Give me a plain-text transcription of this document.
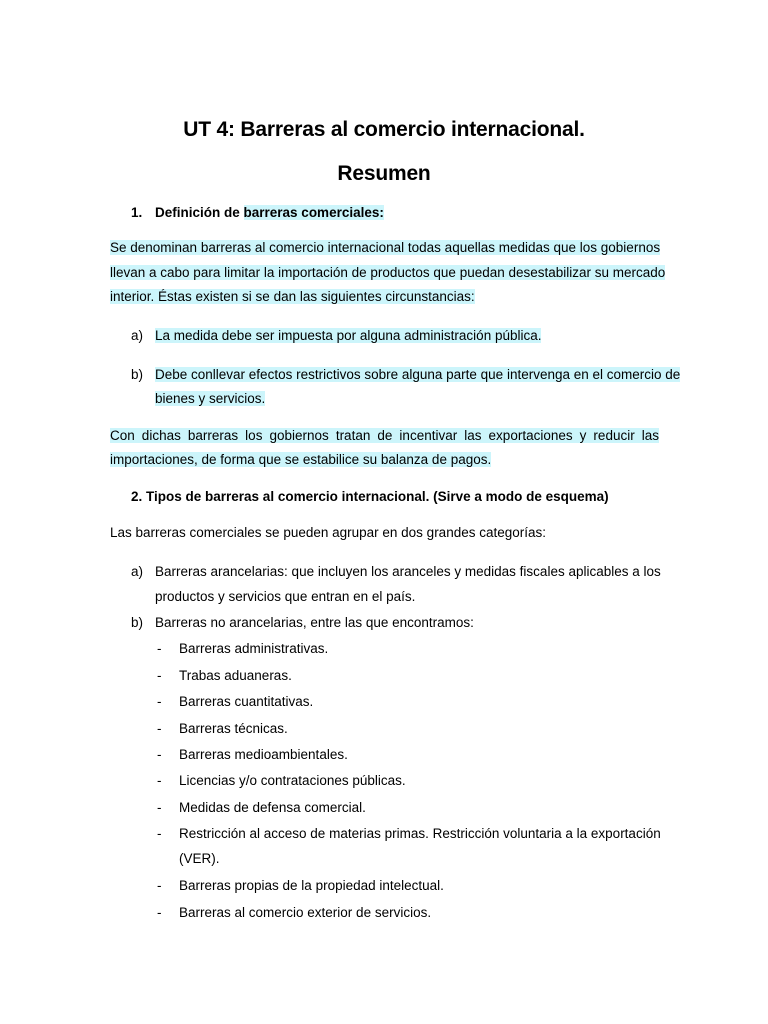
UT 4: Barreras al comercio internacional.
Resumen
1. Definición de barreras comerciales:
Se denominan barreras al comercio internacional todas aquellas medidas que los gobiernos
llevan a cabo para limitar la importación de productos que puedan desestabilizar su mercado
interior. Éstas existen si se dan las siguientes circunstancias:
a) La medida debe ser impuesta por alguna administración pública.
b) Debe conllevar efectos restrictivos sobre alguna parte que intervenga en el comercio de
bienes y servicios.
Con dichas barreras los gobiernos tratan de incentivar las exportaciones y reducir las
importaciones, de forma que se estabilice su balanza de pagos.
2. Tipos de barreras al comercio internacional. (Sirve a modo de esquema)
Las barreras comerciales se pueden agrupar en dos grandes categorías:
a) Barreras arancelarias: que incluyen los aranceles y medidas fiscales aplicables a los
productos y servicios que entran en el país.
b) Barreras no arancelarias, entre las que encontramos:
- Barreras administrativas.
- Trabas aduaneras.
- Barreras cuantitativas.
- Barreras técnicas.
- Barreras medioambientales.
- Licencias y/o contrataciones públicas.
- Medidas de defensa comercial.
- Restricción al acceso de materias primas. Restricción voluntaria a la exportación
(VER).
- Barreras propias de la propiedad intelectual.
- Barreras al comercio exterior de servicios.
